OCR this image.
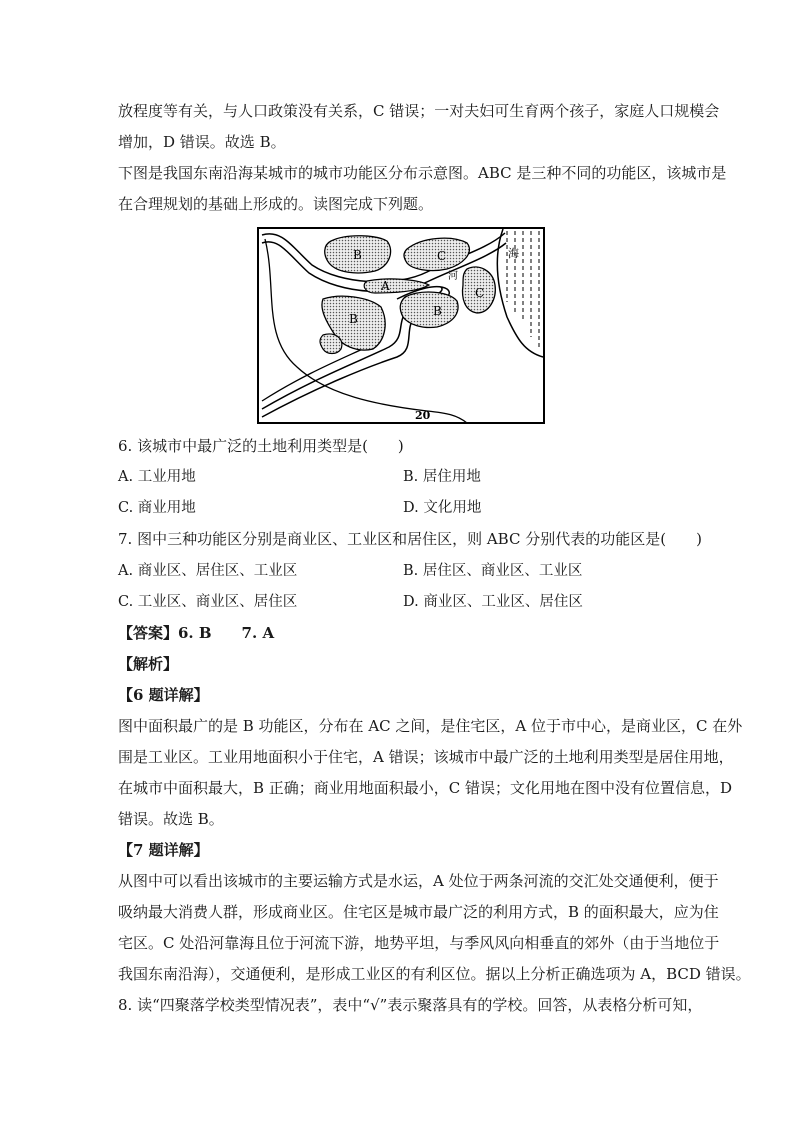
放程度等有关，与人口政策没有关系，C 错误；一对夫妇可生育两个孩子，家庭人口规模会
增加，D 错误。故选 B。
下图是我国东南沿海某城市的城市功能区分布示意图。ABC 是三种不同的功能区，该城市是
在合理规划的基础上形成的。读图完成下列题。
B	C
河
海
A	C
B
B
20
6. 该城市中最广泛的土地利用类型是(　　)
A. 工业用地	B. 居住用地
C. 商业用地	D. 文化用地
7. 图中三种功能区分别是商业区、工业区和居住区，则 ABC 分别代表的功能区是(　　)
A. 商业区、居住区、工业区	B. 居住区、商业区、工业区
C. 工业区、商业区、居住区	D. 商业区、工业区、居住区
【答案】6. B　　7. A
【解析】
【6 题详解】
图中面积最广的是 B 功能区，分布在 AC 之间，是住宅区，A 位于市中心，是商业区，C 在外
围是工业区。工业用地面积小于住宅，A 错误；该城市中最广泛的土地利用类型是居住用地，
在城市中面积最大，B 正确；商业用地面积最小，C 错误；文化用地在图中没有位置信息，D
错误。故选 B。
【7 题详解】
从图中可以看出该城市的主要运输方式是水运，A 处位于两条河流的交汇处交通便利，便于
吸纳最大消费人群，形成商业区。住宅区是城市最广泛的利用方式，B 的面积最大，应为住
宅区。C 处沿河靠海且位于河流下游，地势平坦，与季风风向相垂直的郊外（由于当地位于
我国东南沿海），交通便利，是形成工业区的有利区位。据以上分析正确选项为 A，BCD 错误。
8. 读“四聚落学校类型情况表”，表中“√”表示聚落具有的学校。回答，从表格分析可知，
